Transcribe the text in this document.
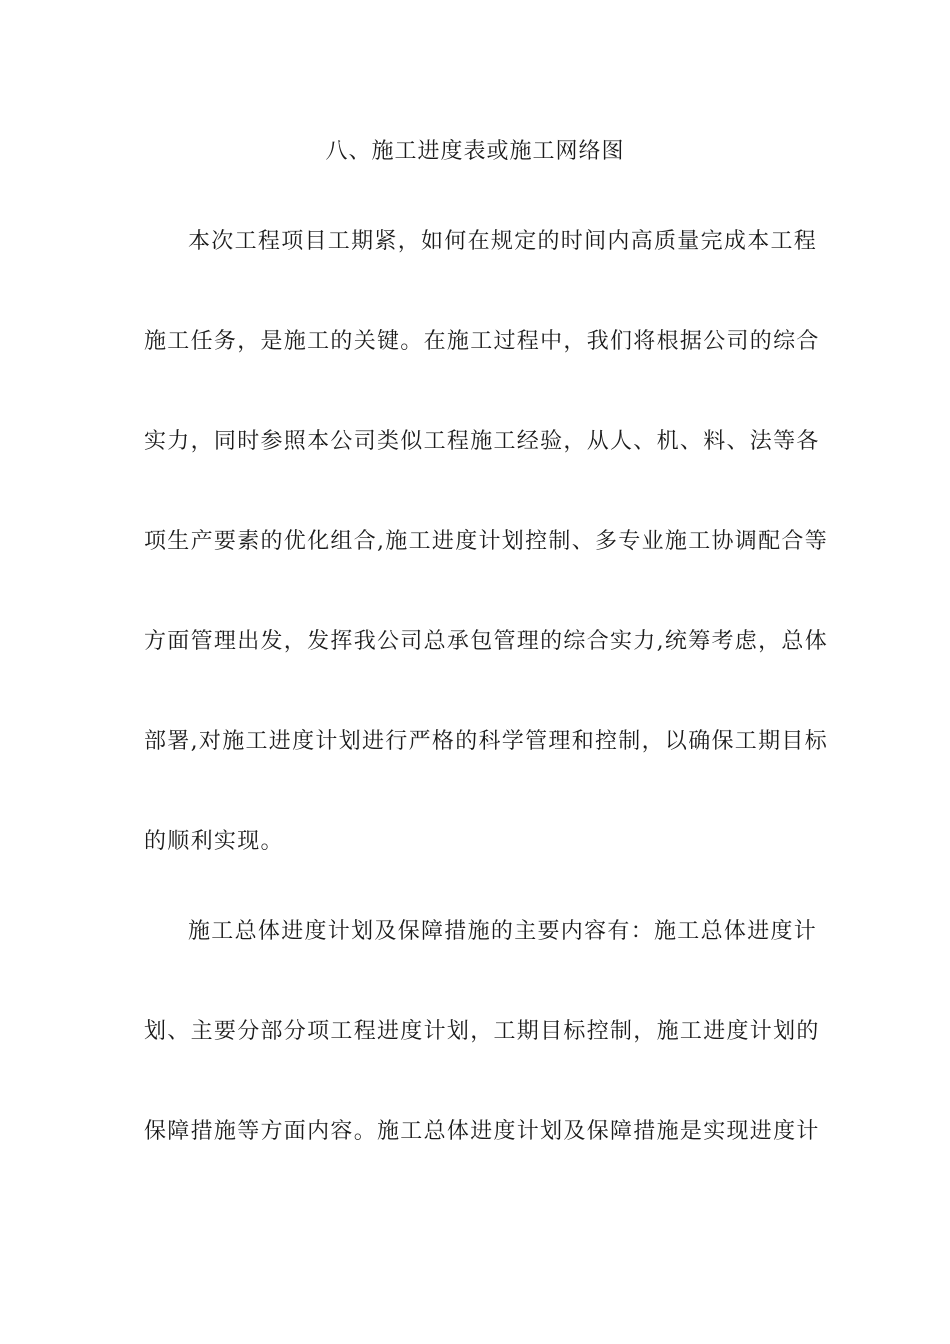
八、施工进度表或施工网络图
本次工程项目工期紧，如何在规定的时间内高质量完成本工程
施工任务，是施工的关键。在施工过程中，我们将根据公司的综合
实力，同时参照本公司类似工程施工经验，从人、机、料、法等各
项生产要素的优化组合,施工进度计划控制、多专业施工协调配合等
方面管理出发，发挥我公司总承包管理的综合实力,统筹考虑，总体
部署,对施工进度计划进行严格的科学管理和控制，以确保工期目标
的顺利实现。
施工总体进度计划及保障措施的主要内容有：施工总体进度计
划、主要分部分项工程进度计划，工期目标控制，施工进度计划的
保障措施等方面内容。施工总体进度计划及保障措施是实现进度计
